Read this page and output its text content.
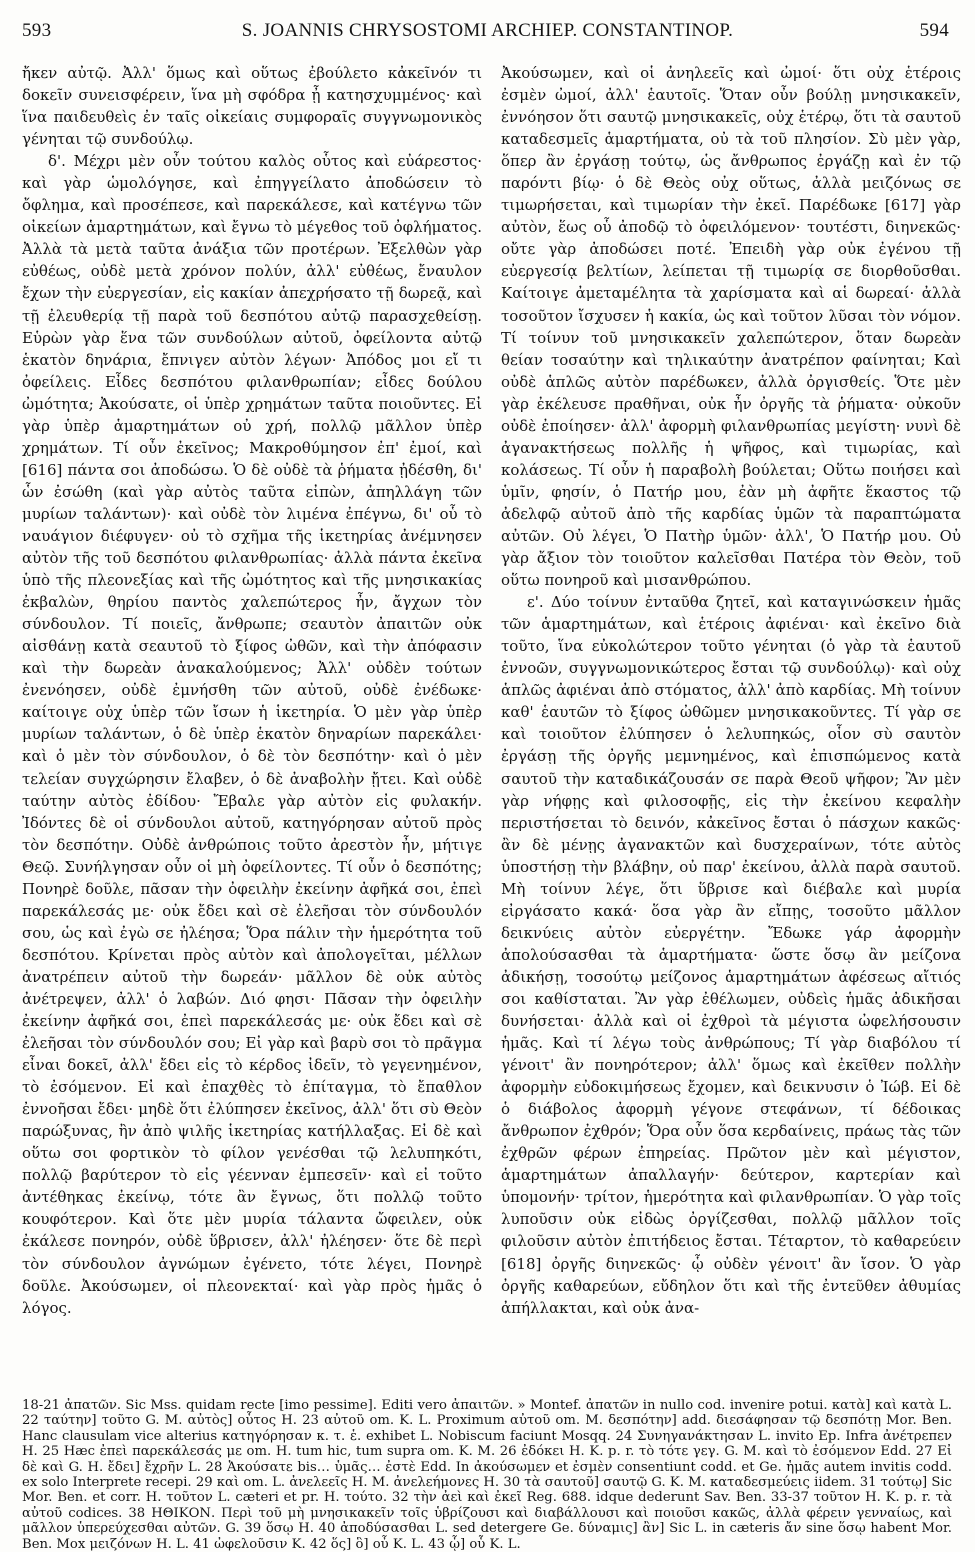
593	S. JOANNIS CHRYSOSTOMI ARCHIEP. CONSTANTINOP.	594

ἤκεν αὐτῷ. Ἀλλ' ὅμως καὶ οὕτως ἐβούλετο κἀκεῖνόν τι δοκεῖν συνεισφέρειν, ἵνα μὴ σφόδρα ᾖ κατησχυμμένος· καὶ ἵνα παιδευθεὶς ἐν ταῖς οἰκείαις συμφοραῖς συγγνωμονικὸς γένηται τῷ συνδούλῳ.

δ'. Μέχρι μὲν οὖν τούτου καλὸς οὗτος καὶ εὐάρεστος· καὶ γὰρ ὡμολόγησε, καὶ ἐπηγγείλατο ἀποδώσειν τὸ ὄφλημα, καὶ προσέπεσε, καὶ παρεκάλεσε, καὶ κατέγνω τῶν οἰκείων ἁμαρτημάτων, καὶ ἔγνω τὸ μέγεθος τοῦ ὀφλήματος. Ἀλλὰ τὰ μετὰ ταῦτα ἀνάξια τῶν προτέρων. Ἐξελθὼν γὰρ εὐθέως, οὐδὲ μετὰ χρόνον πολύν, ἀλλ' εὐθέως, ἔναυλον ἔχων τὴν εὐεργεσίαν, εἰς κακίαν ἀπεχρήσατο τῇ δωρεᾷ, καὶ τῇ ἐλευθερίᾳ τῇ παρὰ τοῦ δεσπότου αὐτῷ παρασχεθείσῃ. Εὑρὼν γὰρ ἕνα τῶν συνδούλων αὐτοῦ, ὀφείλοντα αὐτῷ ἑκατὸν δηνάρια, ἔπνιγεν αὐτὸν λέγων· Ἀπόδος μοι εἴ τι ὀφείλεις. Εἶδες δεσπότου φιλανθρωπίαν; εἶδες δούλου ὠμότητα; Ἀκούσατε, οἱ ὑπὲρ χρημάτων ταῦτα ποιοῦντες. Εἰ γὰρ ὑπὲρ ἁμαρτημάτων οὐ χρή, πολλῷ μᾶλλον ὑπὲρ χρημάτων. Τί οὖν ἐκεῖνος; Μακροθύμησον ἐπ' ἐμοί, καὶ [616] πάντα σοι ἀποδώσω. Ὁ δὲ οὐδὲ τὰ ῥήματα ᾐδέσθη, δι' ὧν ἐσώθη (καὶ γὰρ αὐτὸς ταῦτα εἰπὼν, ἀπηλλάγη τῶν μυρίων ταλάντων)· καὶ οὐδὲ τὸν λιμένα ἐπέγνω, δι' οὗ τὸ ναυάγιον διέφυγεν· οὐ τὸ σχῆμα τῆς ἱκετηρίας ἀνέμνησεν αὐτὸν τῆς τοῦ δεσπότου φιλανθρωπίας· ἀλλὰ πάντα ἐκεῖνα ὑπὸ τῆς πλεονεξίας καὶ τῆς ὠμότητος καὶ τῆς μνησικακίας ἐκβαλὼν, θηρίου παντὸς χαλεπώτερος ἦν, ἄγχων τὸν σύνδουλον. Τί ποιεῖς, ἄνθρωπε; σεαυτὸν ἀπαιτῶν οὐκ αἰσθάνῃ κατὰ σεαυτοῦ τὸ ξίφος ὠθῶν, καὶ τὴν ἀπόφασιν καὶ τὴν δωρεὰν ἀνακαλούμενος; Ἀλλ' οὐδὲν τούτων ἐνενόησεν, οὐδὲ ἐμνήσθη τῶν αὐτοῦ, οὐδὲ ἐνέδωκε· καίτοιγε οὐχ ὑπὲρ τῶν ἴσων ἡ ἱκετηρία. Ὁ μὲν γὰρ ὑπὲρ μυρίων ταλάντων, ὁ δὲ ὑπὲρ ἑκατὸν δηναρίων παρεκάλει· καὶ ὁ μὲν τὸν σύνδουλον, ὁ δὲ τὸν δεσπότην· καὶ ὁ μὲν τελείαν συγχώρησιν ἔλαβεν, ὁ δὲ ἀναβολὴν ᾔτει. Καὶ οὐδὲ ταύτην αὐτὸς ἐδίδου· Ἔβαλε γὰρ αὐτὸν εἰς φυλακήν. Ἰδόντες δὲ οἱ σύνδουλοι αὐτοῦ, κατηγόρησαν αὐτοῦ πρὸς τὸν δεσπότην. Οὐδὲ ἀνθρώποις τοῦτο ἀρεστὸν ἦν, μήτιγε Θεῷ. Συνήλγησαν οὖν οἱ μὴ ὀφείλοντες. Τί οὖν ὁ δεσπότης; Πονηρὲ δοῦλε, πᾶσαν τὴν ὀφειλὴν ἐκείνην ἀφῆκά σοι, ἐπεὶ παρεκάλεσάς με· οὐκ ἔδει καὶ σὲ ἐλεῆσαι τὸν σύνδουλόν σου, ὡς καὶ ἐγὼ σε ἠλέησα; Ὅρα πάλιν τὴν ἡμερότητα τοῦ δεσπότου. Κρίνεται πρὸς αὐτὸν καὶ ἀπολογεῖται, μέλλων ἀνατρέπειν αὐτοῦ τὴν δωρεάν· μᾶλλον δὲ οὐκ αὐτὸς ἀνέτρεψεν, ἀλλ' ὁ λαβών. Διό φησι· Πᾶσαν τὴν ὀφειλὴν ἐκείνην ἀφῆκά σοι, ἐπεὶ παρεκάλεσάς με· οὐκ ἔδει καὶ σὲ ἐλεῆσαι τὸν σύνδουλόν σου; Εἰ γὰρ καὶ βαρὺ σοι τὸ πρᾶγμα εἶναι δοκεῖ, ἀλλ' ἔδει εἰς τὸ κέρδος ἰδεῖν, τὸ γεγενημένον, τὸ ἐσόμενον. Εἰ καὶ ἐπαχθὲς τὸ ἐπίταγμα, τὸ ἔπαθλον ἐννοῆσαι ἔδει· μηδὲ ὅτι ἐλύπησεν ἐκεῖνος, ἀλλ' ὅτι σὺ Θεὸν παρώξυνας, ἢν ἀπὸ ψιλῆς ἱκετηρίας κατήλλαξας. Εἰ δὲ καὶ οὕτω σοι φορτικὸν τὸ φίλον γενέσθαι τῷ λελυπηκότι, πολλῷ βαρύτερον τὸ εἰς γέενναν ἐμπεσεῖν· καὶ εἰ τοῦτο ἀντέθηκας ἐκείνῳ, τότε ἂν ἔγνως, ὅτι πολλῷ τοῦτο κουφότερον. Καὶ ὅτε μὲν μυρία τάλαντα ὤφειλεν, οὐκ ἐκάλεσε πονηρόν, οὐδὲ ὕβρισεν, ἀλλ' ἠλέησεν· ὅτε δὲ περὶ τὸν σύνδουλον ἀγνώμων ἐγένετο, τότε λέγει, Πονηρὲ δοῦλε. Ἀκούσωμεν, οἱ πλεονεκταί· καὶ γὰρ πρὸς ἡμᾶς ὁ λόγος.

Ἀκούσωμεν, καὶ οἱ ἀνηλεεῖς καὶ ὠμοί· ὅτι οὐχ ἑτέροις ἐσμὲν ὠμοί, ἀλλ' ἑαυτοῖς. Ὅταν οὖν βούλῃ μνησικακεῖν, ἐννόησον ὅτι σαυτῷ μνησικακεῖς, οὐχ ἑτέρῳ, ὅτι τὰ σαυτοῦ καταδεσμεῖς ἁμαρτήματα, οὐ τὰ τοῦ πλησίον. Σὺ μὲν γὰρ, ὅπερ ἂν ἐργάσῃ τούτῳ, ὡς ἄνθρωπος ἐργάζῃ καὶ ἐν τῷ παρόντι βίῳ· ὁ δὲ Θεὸς οὐχ οὕτως, ἀλλὰ μειζόνως σε τιμωρήσεται, καὶ τιμωρίαν τὴν ἐκεῖ. Παρέδωκε [617] γὰρ αὐτὸν, ἕως οὗ ἀποδῷ τὸ ὀφειλόμενον· τουτέστι, διηνεκῶς· οὔτε γὰρ ἀποδώσει ποτέ. Ἐπειδὴ γὰρ οὐκ ἐγένου τῇ εὐεργεσίᾳ βελτίων, λείπεται τῇ τιμωρίᾳ σε διορθοῦσθαι. Καίτοιγε ἀμεταμέλητα τὰ χαρίσματα καὶ αἱ δωρεαί· ἀλλὰ τοσοῦτον ἴσχυσεν ἡ κακία, ὡς καὶ τοῦτον λῦσαι τὸν νόμον. Τί τοίνυν τοῦ μνησικακεῖν χαλεπώτερον, ὅταν δωρεὰν θείαν τοσαύτην καὶ τηλικαύτην ἀνατρέπον φαίνηται; Καὶ οὐδὲ ἁπλῶς αὐτὸν παρέδωκεν, ἀλλὰ ὀργισθείς. Ὅτε μὲν γὰρ ἐκέλευσε πραθῆναι, οὐκ ἦν ὀργῆς τὰ ῥήματα· οὐκοῦν οὐδὲ ἐποίησεν· ἀλλ' ἀφορμὴ φιλανθρωπίας μεγίστη· νυνὶ δὲ ἀγανακτήσεως πολλῆς ἡ ψῆφος, καὶ τιμωρίας, καὶ κολάσεως. Τί οὖν ἡ παραβολὴ βούλεται; Οὕτω ποιήσει καὶ ὑμῖν, φησίν, ὁ Πατήρ μου, ἐὰν μὴ ἀφῆτε ἕκαστος τῷ ἀδελφῷ αὐτοῦ ἀπὸ τῆς καρδίας ὑμῶν τὰ παραπτώματα αὐτῶν. Οὐ λέγει, Ὁ Πατὴρ ὑμῶν· ἀλλ', Ὁ Πατήρ μου. Οὐ γὰρ ἄξιον τὸν τοιοῦτον καλεῖσθαι Πατέρα τὸν Θεὸν, τοῦ οὕτω πονηροῦ καὶ μισανθρώπου.

ε'. Δύο τοίνυν ἐνταῦθα ζητεῖ, καὶ καταγινώσκειν ἡμᾶς τῶν ἁμαρτημάτων, καὶ ἑτέροις ἀφιέναι· καὶ ἐκεῖνο διὰ τοῦτο, ἵνα εὐκολώτερον τοῦτο γένηται (ὁ γὰρ τὰ ἑαυτοῦ ἐννοῶν, συγγνωμονικώτερος ἔσται τῷ συνδούλῳ)· καὶ οὐχ ἁπλῶς ἀφιέναι ἀπὸ στόματος, ἀλλ' ἀπὸ καρδίας. Μὴ τοίνυν καθ' ἑαυτῶν τὸ ξίφος ὠθῶμεν μνησικακοῦντες. Τί γὰρ σε καὶ τοιοῦτον ἐλύπησεν ὁ λελυπηκώς, οἷον σὺ σαυτὸν ἐργάσῃ τῆς ὀργῆς μεμνημένος, καὶ ἐπισπώμενος κατὰ σαυτοῦ τὴν καταδικάζουσάν σε παρὰ Θεοῦ ψῆφον; Ἂν μὲν γὰρ νήφῃς καὶ φιλοσοφῇς, εἰς τὴν ἐκείνου κεφαλὴν περιστήσεται τὸ δεινόν, κἀκεῖνος ἔσται ὁ πάσχων κακῶς· ἂν δὲ μένῃς ἀγανακτῶν καὶ δυσχεραίνων, τότε αὐτὸς ὑποστήσῃ τὴν βλάβην, οὐ παρ' ἐκείνου, ἀλλὰ παρὰ σαυτοῦ. Μὴ τοίνυν λέγε, ὅτι ὕβρισε καὶ διέβαλε καὶ μυρία εἰργάσατο κακά· ὅσα γὰρ ἂν εἴπῃς, τοσοῦτο μᾶλλον δεικνύεις αὐτὸν εὐεργέτην. Ἔδωκε γάρ ἀφορμὴν ἀπολούσασθαι τὰ ἁμαρτήματα· ὥστε ὅσῳ ἂν μείζονα ἀδικήσῃ, τοσούτῳ μείζονος ἁμαρτημάτων ἀφέσεως αἴτιός σοι καθίσταται. Ἂν γὰρ ἐθέλωμεν, οὐδεὶς ἡμᾶς ἀδικῆσαι δυνήσεται· ἀλλὰ καὶ οἱ ἐχθροὶ τὰ μέγιστα ὠφελήσουσιν ἡμᾶς. Καὶ τί λέγω τοὺς ἀνθρώπους; Τί γὰρ διαβόλου τί γένοιτ' ἂν πονηρότερον; ἀλλ' ὅμως καὶ ἐκεῖθεν πολλὴν ἀφορμὴν εὐδοκιμήσεως ἔχομεν, καὶ δεικνυσιν ὁ Ἰώβ. Εἰ δὲ ὁ διάβολος ἀφορμὴ γέγονε στεφάνων, τί δέδοικας ἄνθρωπον ἐχθρόν; Ὅρα οὖν ὅσα κερδαίνεις, πράως τὰς τῶν ἐχθρῶν φέρων ἐπηρείας. Πρῶτον μὲν καὶ μέγιστον, ἁμαρτημάτων ἀπαλλαγήν· δεύτερον, καρτερίαν καὶ ὑπομονήν· τρίτον, ἡμερότητα καὶ φιλανθρωπίαν. Ὁ γὰρ τοῖς λυποῦσιν οὐκ εἰδὼς ὀργίζεσθαι, πολλῷ μᾶλλον τοῖς φιλοῦσιν αὐτὸν ἐπιτήδειος ἔσται. Τέταρτον, τὸ καθαρεύειν [618] ὀργῆς διηνεκῶς· ᾧ οὐδὲν γένοιτ' ἂν ἴσον. Ὁ γὰρ ὀργῆς καθαρεύων, εὔδηλον ὅτι καὶ τῆς ἐντεῦθεν ἀθυμίας ἀπήλλακται, καὶ οὐκ ἀνα-

18-21 ἀπατῶν. Sic Mss. quidam recte [imo pessime]. Editi vero ἀπαιτῶν. » Montef. ἀπατῶν in nullo cod. invenire potui. κατὰ] καὶ κατὰ L. 22 ταύτην] τοῦτο G. M. αὐτὸς] οὗτος H. 23 αὐτοῦ om. K. L. Proximum αὐτοῦ om. M. δεσπότην] add. διεσάφησαν τῷ δεσπότῃ Mor. Ben. Hanc clausulam vice alterius κατηγόρησαν κ. τ. ἑ. exhibet L. Nobiscum faciunt Mosqq. 24 Συνηγανάκτησαν L. invito Ep. Infra ἀνέτρεπεν H. 25 Hæc ἐπεὶ παρεκάλεσάς με om. H. tum hic, tum supra om. K. M. 26 ἐδόκει H. K. p. r. τὸ τότε γεγ. G. M. καὶ τὸ ἐσόμενον Edd. 27 Εἰ δὲ καὶ G. H. ἔδει] ἔχρῆν L. 28 Ἀκούσατε bis… ὑμᾶς… ἐστὲ Edd. In ἀκούσωμεν et ἐσμὲν consentiunt codd. et Ge. ἡμᾶς autem invitis codd. ex solo Interprete recepi. 29 καὶ om. L. ἀνελεεῖς H. M. ἀνελεήμονες H. 30 τὰ σαυτοῦ] σαυτῷ G. K. M. καταδεσμεύεις iidem. 31 τούτῳ] Sic Mor. Ben. et corr. H. τοῦτον L. cæteri et pr. H. τούτο. 32 τὴν ἀεὶ καὶ ἐκεῖ Reg. 688. idque dederunt Sav. Ben. 33-37 τοῦτον H. K. p. r. τὰ αὐτοῦ codices. 38 ΗΘΙΚΟΝ. Περὶ τοῦ μὴ μνησικακεῖν τοῖς ὑβρίζουσι καὶ διαβάλλουσι καὶ ποιοῦσι κακῶς, ἀλλὰ φέρειν γενναίως, καὶ μᾶλλον ὑπερεύχεσθαι αὐτῶν. G. 39 ὅσῳ H. 40 ἀποδύσασθαι L. sed detergere Ge. δύναμις] ἂν] Sic L. in cæteris ἄν sine ὅσῳ habent Mor. Ben. Mox μειζόνων H. L. 41 ὠφελοῦσιν K. 42 ὅς] ὃ] οὖ K. L. 43 ᾧ] οὗ K. L.
